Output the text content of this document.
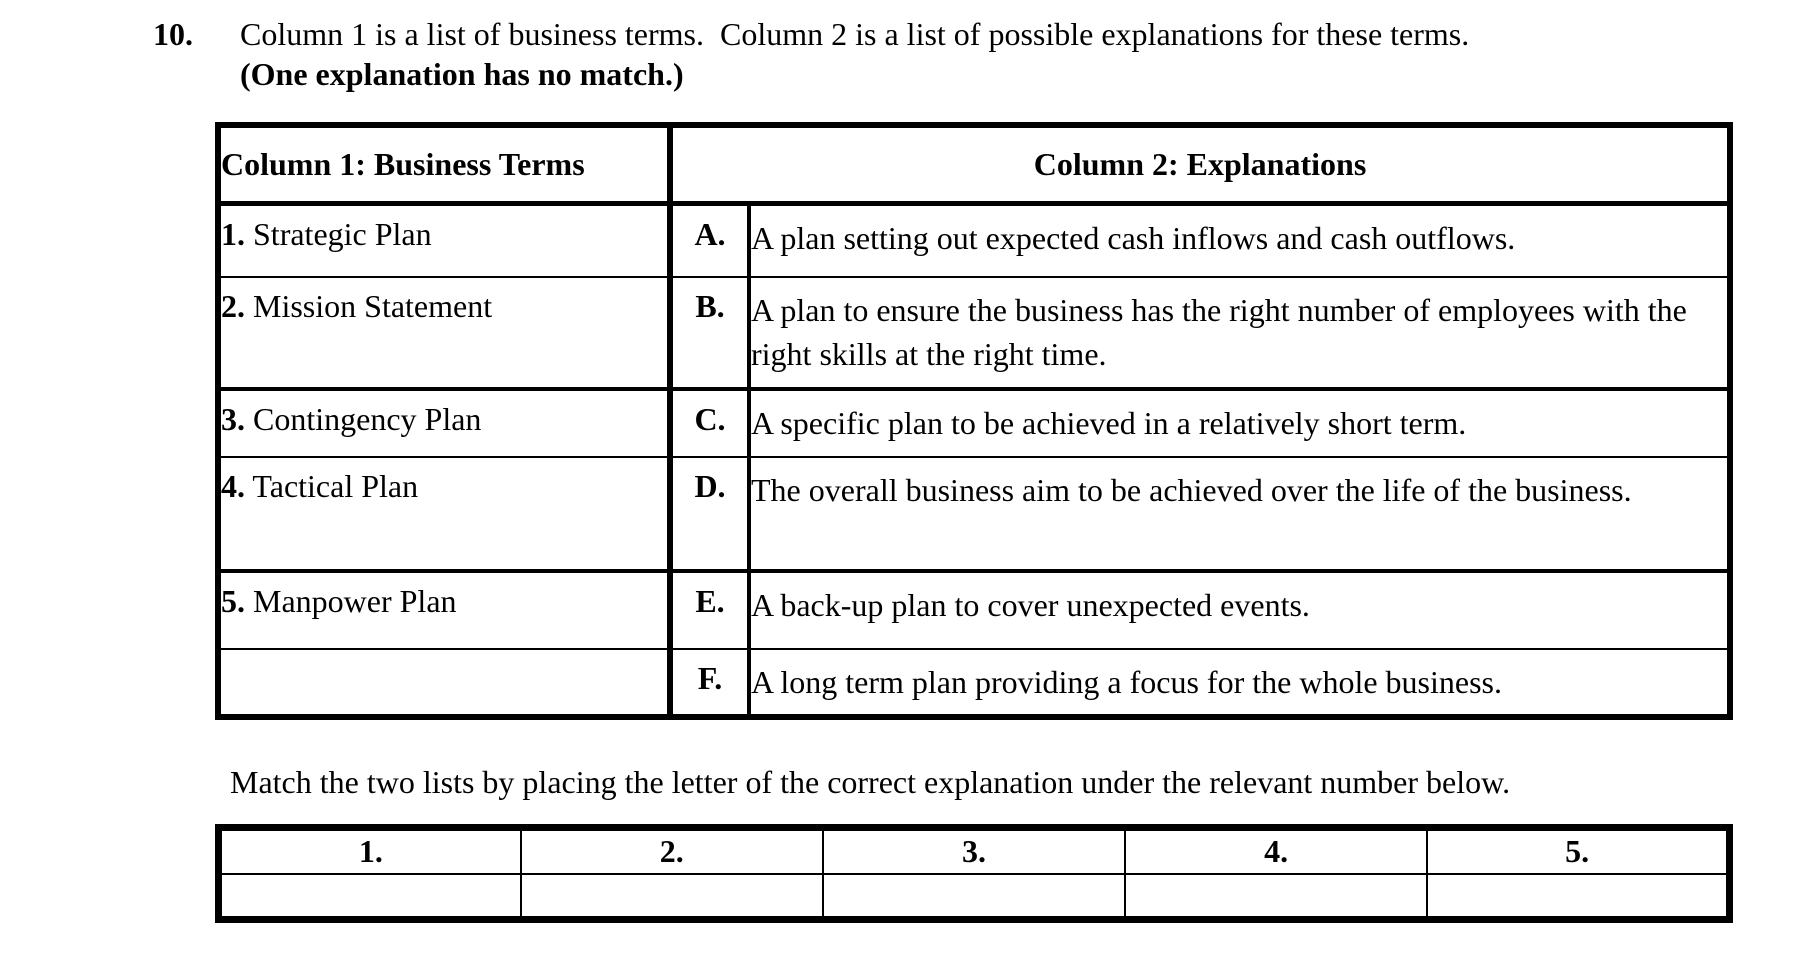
10.	Column 1 is a list of business terms.  Column 2 is a list of possible explanations for these terms.
(One explanation has no match.)
Column 1: Business Terms	Column 2: Explanations	
1. Strategic Plan	A.	A plan setting out expected cash inflows and cash outflows.
2. Mission Statement	B.	A plan to ensure the business has the right number of employees with the right skills at the right time.
3. Contingency Plan	C.	A specific plan to be achieved in a relatively short term.
4. Tactical Plan	D.	The overall business aim to be achieved over the life of the business.
5. Manpower Plan	E.	A back-up plan to cover unexpected events.
	F.	A long term plan providing a focus for the whole business.
Match the two lists by placing the letter of the correct explanation under the relevant number below.
1.	2.	3.	4.	5.
